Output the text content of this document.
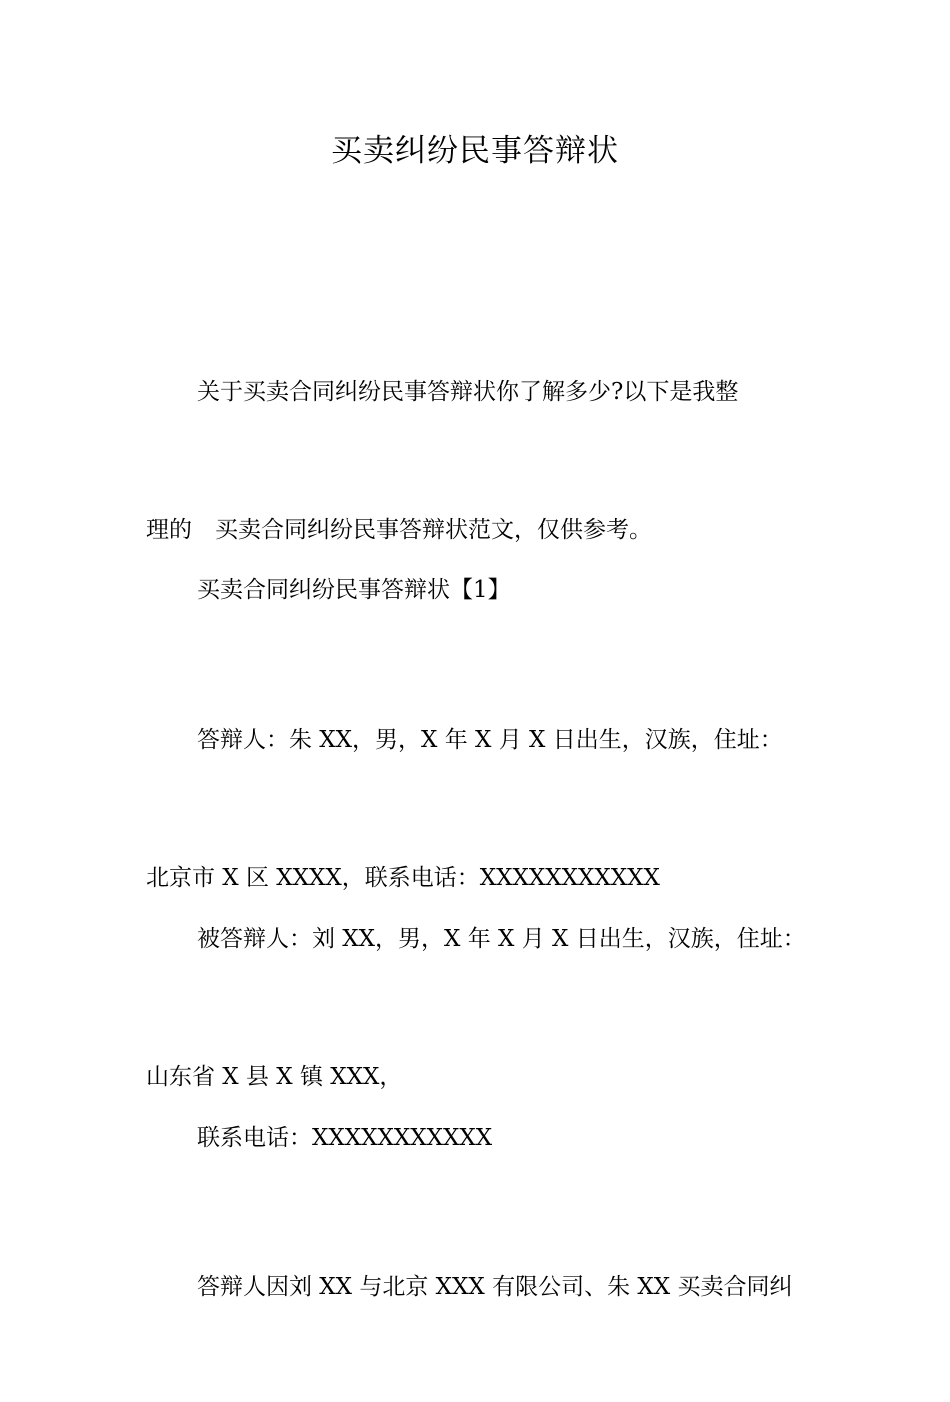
买卖纠纷民事答辩状

关于买卖合同纠纷民事答辩状你了解多少?以下是我整

理的　买卖合同纠纷民事答辩状范文，仅供参考。

买卖合同纠纷民事答辩状【1】

答辩人：朱 XX，男，X 年 X 月 X 日出生，汉族，住址：

北京市 X 区 XXXX，联系电话：XXXXXXXXXXX

被答辩人：刘 XX，男，X 年 X 月 X 日出生，汉族，住址：

山东省 X 县 X 镇 XXX，

联系电话：XXXXXXXXXXX

答辩人因刘 XX 与北京 XXX 有限公司、朱 XX 买卖合同纠
